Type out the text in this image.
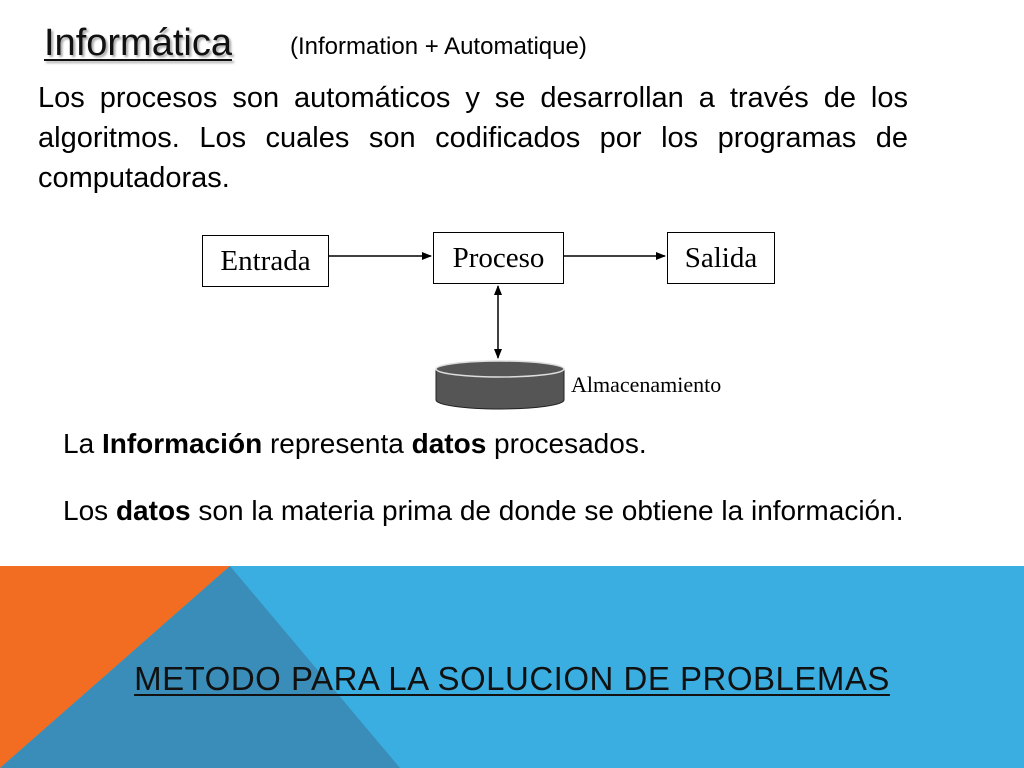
Informática (Information + Automatique)
Los procesos son automáticos y se desarrollan a través de los algoritmos. Los cuales son codificados por los programas de computadoras.
Entrada	Proceso	Salida
Almacenamiento
La Información representa datos procesados.
Los datos son la materia prima de donde se obtiene la información.
METODO PARA LA SOLUCION DE PROBLEMAS
